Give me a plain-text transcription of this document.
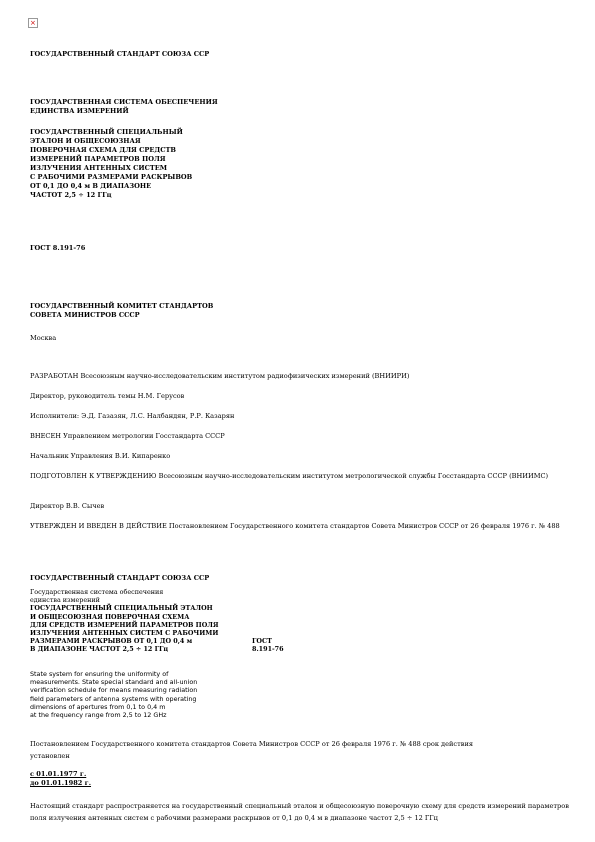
×

ГОСУДАРСТВЕННЫЙ СТАНДАРТ СОЮЗА ССР

ГОСУДАРСТВЕННАЯ СИСТЕМА ОБЕСПЕЧЕНИЯ
ЕДИНСТВА ИЗМЕРЕНИЙ
ГОСУДАРСТВЕННЫЙ СПЕЦИАЛЬНЫЙ
ЭТАЛОН И ОБЩЕСОЮЗНАЯ
ПОВЕРОЧНАЯ СХЕМА ДЛЯ СРЕДСТВ
ИЗМЕРЕНИЙ ПАРАМЕТРОВ ПОЛЯ
ИЗЛУЧЕНИЯ АНТЕННЫХ СИСТЕМ
С РАБОЧИМИ РАЗМЕРАМИ РАСКРЫВОВ
ОТ 0,1 ДО 0,4 м В ДИАПАЗОНЕ
ЧАСТОТ 2,5 ÷ 12 ГГц

ГОСТ 8.191-76

ГОСУДАРСТВЕННЫЙ КОМИТЕТ СТАНДАРТОВ
СОВЕТА МИНИСТРОВ СССР

Москва

РАЗРАБОТАН Всесоюзным научно-исследовательским институтом радиофизических измерений (ВНИИРИ)

Директор, руководитель темы Н.М. Герусов

Исполнители: Э.Д. Газазян, Л.С. Налбандян, Р.Р. Казарян

ВНЕСЕН Управлением метрологии Госстандарта СССР

Начальник Управления В.И. Кипаренко

ПОДГОТОВЛЕН К УТВЕРЖДЕНИЮ Всесоюзным научно-исследовательским институтом метрологической службы Госстандарта СССР (ВНИИМС)

Директор В.В. Сычев

УТВЕРЖДЕН И ВВЕДЕН В ДЕЙСТВИЕ Постановлением Государственного комитета стандартов Совета Министров СССР от 26 февраля 1976 г. № 488

ГОСУДАРСТВЕННЫЙ СТАНДАРТ СОЮЗА ССР

Государственная система обеспечения
единства измерений
ГОСУДАРСТВЕННЫЙ СПЕЦИАЛЬНЫЙ ЭТАЛОН
И ОБЩЕСОЮЗНАЯ ПОВЕРОЧНАЯ СХЕМА
ДЛЯ СРЕДСТВ ИЗМЕРЕНИЙ ПАРАМЕТРОВ ПОЛЯ
ИЗЛУЧЕНИЯ АНТЕННЫХ СИСТЕМ С РАБОЧИМИ
РАЗМЕРАМИ РАСКРЫВОВ ОТ 0,1 ДО 0,4 м	ГОСТ
В ДИАПАЗОНЕ ЧАСТОТ 2,5 ÷ 12 ГГц	8.191-76
State system for ensuring the uniformity of
measurements. State special standard and all-union
verification schedule for means measuring radiation
field parameters of antenna systems with operating
dimensions of apertures from 0,1 to 0,4 m
at the frequency range from 2,5 to 12 GHz

Постановлением Государственного комитета стандартов Совета Министров СССР от 26 февраля 1976 г. № 488 срок действия

установлен

с 01.01.1977 г.

до 01.01.1982 г.

Настоящий стандарт распространяется на государственный специальный эталон и общесоюзную поверочную схему для средств измерений параметров поля излучения антенных систем с рабочими размерами раскрывов от 0,1 до 0,4 м в диапазоне частот 2,5 ÷ 12 ГГц
